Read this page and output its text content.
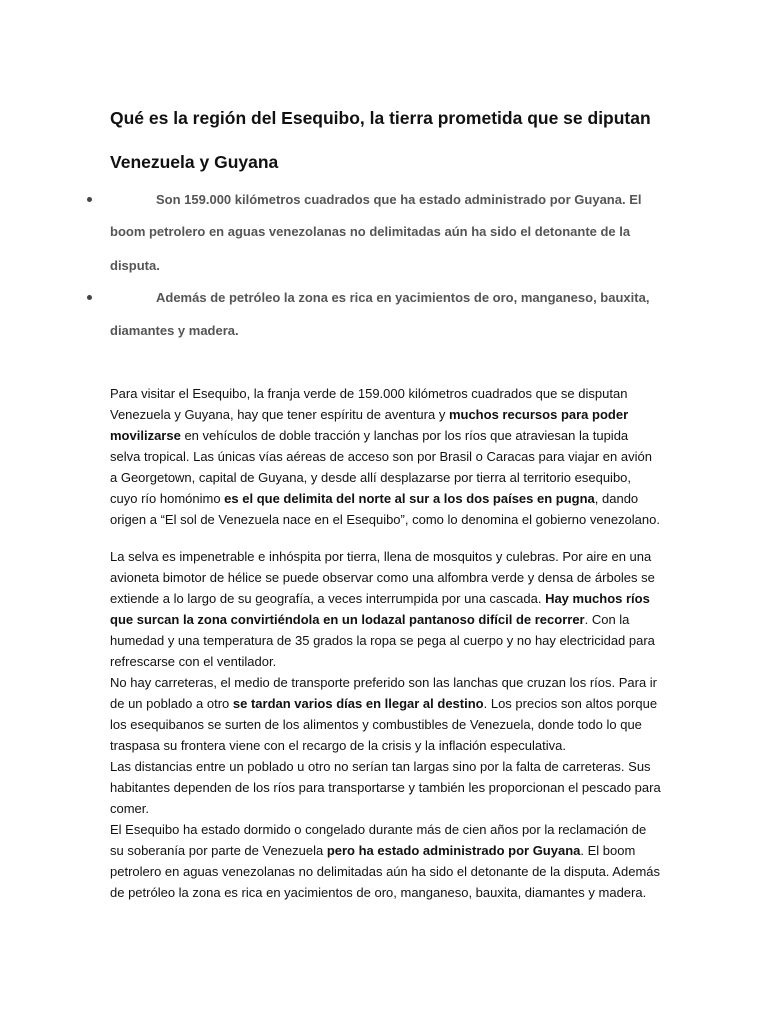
Qué es la región del Esequibo, la tierra prometida que se diputan
Venezuela y Guyana
Son 159.000 kilómetros cuadrados que ha estado administrado por Guyana. El
boom petrolero en aguas venezolanas no delimitadas aún ha sido el detonante de la
disputa.
Además de petróleo la zona es rica en yacimientos de oro, manganeso, bauxita,
diamantes y madera.

Para visitar el Esequibo, la franja verde de 159.000 kilómetros cuadrados que se disputan Venezuela y Guyana, hay que tener espíritu de aventura y muchos recursos para poder movilizarse en vehículos de doble tracción y lanchas por los ríos que atraviesan la tupida selva tropical. Las únicas vías aéreas de acceso son por Brasil o Caracas para viajar en avión a Georgetown, capital de Guyana, y desde allí desplazarse por tierra al territorio esequibo, cuyo río homónimo es el que delimita del norte al sur a los dos países en pugna, dando origen a “El sol de Venezuela nace en el Esequibo”, como lo denomina el gobierno venezolano.

La selva es impenetrable e inhóspita por tierra, llena de mosquitos y culebras. Por aire en una avioneta bimotor de hélice se puede observar como una alfombra verde y densa de árboles se extiende a lo largo de su geografía, a veces interrumpida por una cascada. Hay muchos ríos que surcan la zona convirtiéndola en un lodazal pantanoso difícil de recorrer. Con la humedad y una temperatura de 35 grados la ropa se pega al cuerpo y no hay electricidad para refrescarse con el ventilador.

No hay carreteras, el medio de transporte preferido son las lanchas que cruzan los ríos. Para ir de un poblado a otro se tardan varios días en llegar al destino. Los precios son altos porque los esequibanos se surten de los alimentos y combustibles de Venezuela, donde todo lo que traspasa su frontera viene con el recargo de la crisis y la inflación especulativa.

Las distancias entre un poblado u otro no serían tan largas sino por la falta de carreteras. Sus habitantes dependen de los ríos para transportarse y también les proporcionan el pescado para comer.

El Esequibo ha estado dormido o congelado durante más de cien años por la reclamación de su soberanía por parte de Venezuela pero ha estado administrado por Guyana. El boom petrolero en aguas venezolanas no delimitadas aún ha sido el detonante de la disputa. Además de petróleo la zona es rica en yacimientos de oro, manganeso, bauxita, diamantes y madera.
